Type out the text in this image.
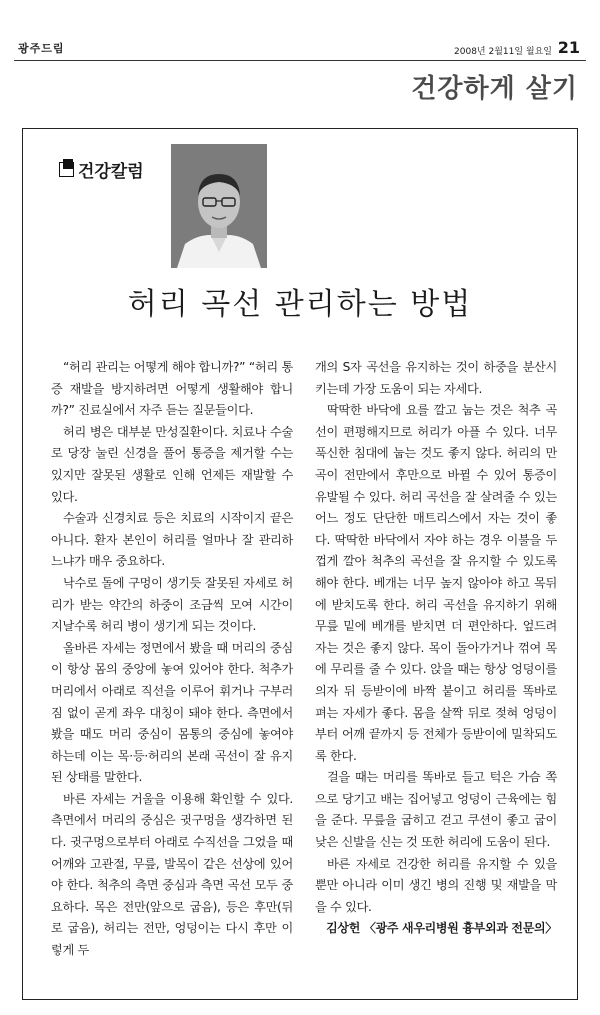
광주드림	2008년 2월11일 월요일 21
건강하게 살기
건강칼럼
허리 곡선 관리하는 방법

“허리 관리는 어떻게 해야 합니까?” “허리 통증 재발을 방지하려면 어떻게 생활해야 합니까?” 진료실에서 자주 듣는 질문들이다.

허리 병은 대부분 만성질환이다. 치료나 수술로 당장 눌린 신경을 풀어 통증을 제거할 수는 있지만 잘못된 생활로 인해 언제든 재발할 수 있다.

수술과 신경치료 등은 치료의 시작이지 끝은 아니다. 환자 본인이 허리를 얼마나 잘 관리하느냐가 매우 중요하다.

낙수로 돌에 구멍이 생기듯 잘못된 자세로 허리가 받는 약간의 하중이 조금씩 모여 시간이 지날수록 허리 병이 생기게 되는 것이다.

올바른 자세는 정면에서 봤을 때 머리의 중심이 항상 몸의 중앙에 놓여 있어야 한다. 척추가 머리에서 아래로 직선을 이루어 휘거나 구부러짐 없이 곧게 좌우 대칭이 돼야 한다. 측면에서 봤을 때도 머리 중심이 몸통의 중심에 놓여야 하는데 이는 목·등·허리의 본래 곡선이 잘 유지된 상태를 말한다.

바른 자세는 거울을 이용해 확인할 수 있다. 측면에서 머리의 중심은 귓구멍을 생각하면 된다. 귓구멍으로부터 아래로 수직선을 그었을 때 어깨와 고관절, 무릎, 발목이 같은 선상에 있어야 한다. 척추의 측면 중심과 측면 곡선 모두 중요하다. 목은 전만(앞으로 굽음), 등은 후만(뒤로 굽음), 허리는 전만, 엉덩이는 다시 후만 이렇게 두

개의 S자 곡선을 유지하는 것이 하중을 분산시키는데 가장 도움이 되는 자세다.

딱딱한 바닥에 요를 깔고 눕는 것은 척추 곡선이 편평해지므로 허리가 아플 수 있다. 너무 푹신한 침대에 눕는 것도 좋지 않다. 허리의 만곡이 전만에서 후만으로 바뀔 수 있어 통증이 유발될 수 있다. 허리 곡선을 잘 살려줄 수 있는 어느 정도 단단한 매트리스에서 자는 것이 좋다. 딱딱한 바닥에서 자야 하는 경우 이불을 두껍게 깔아 척추의 곡선을 잘 유지할 수 있도록 해야 한다. 베개는 너무 높지 않아야 하고 목뒤에 받치도록 한다. 허리 곡선을 유지하기 위해 무릎 밑에 베개를 받치면 더 편안하다. 엎드려 자는 것은 좋지 않다. 목이 돌아가거나 꺾여 목에 무리를 줄 수 있다. 앉을 때는 항상 엉덩이를 의자 뒤 등받이에 바짝 붙이고 허리를 똑바로 펴는 자세가 좋다. 몸을 살짝 뒤로 젖혀 엉덩이부터 어깨 끝까지 등 전체가 등받이에 밀착되도록 한다.

걸을 때는 머리를 똑바로 들고 턱은 가슴 쪽으로 당기고 배는 집어넣고 엉덩이 근육에는 힘을 준다. 무릎을 굽히고 걷고 쿠션이 좋고 굽이 낮은 신발을 신는 것 또한 허리에 도움이 된다.

바른 자세로 건강한 허리를 유지할 수 있을 뿐만 아니라 이미 생긴 병의 진행 및 재발을 막을 수 있다.

김상헌 〈광주 새우리병원 흉부외과 전문의〉
